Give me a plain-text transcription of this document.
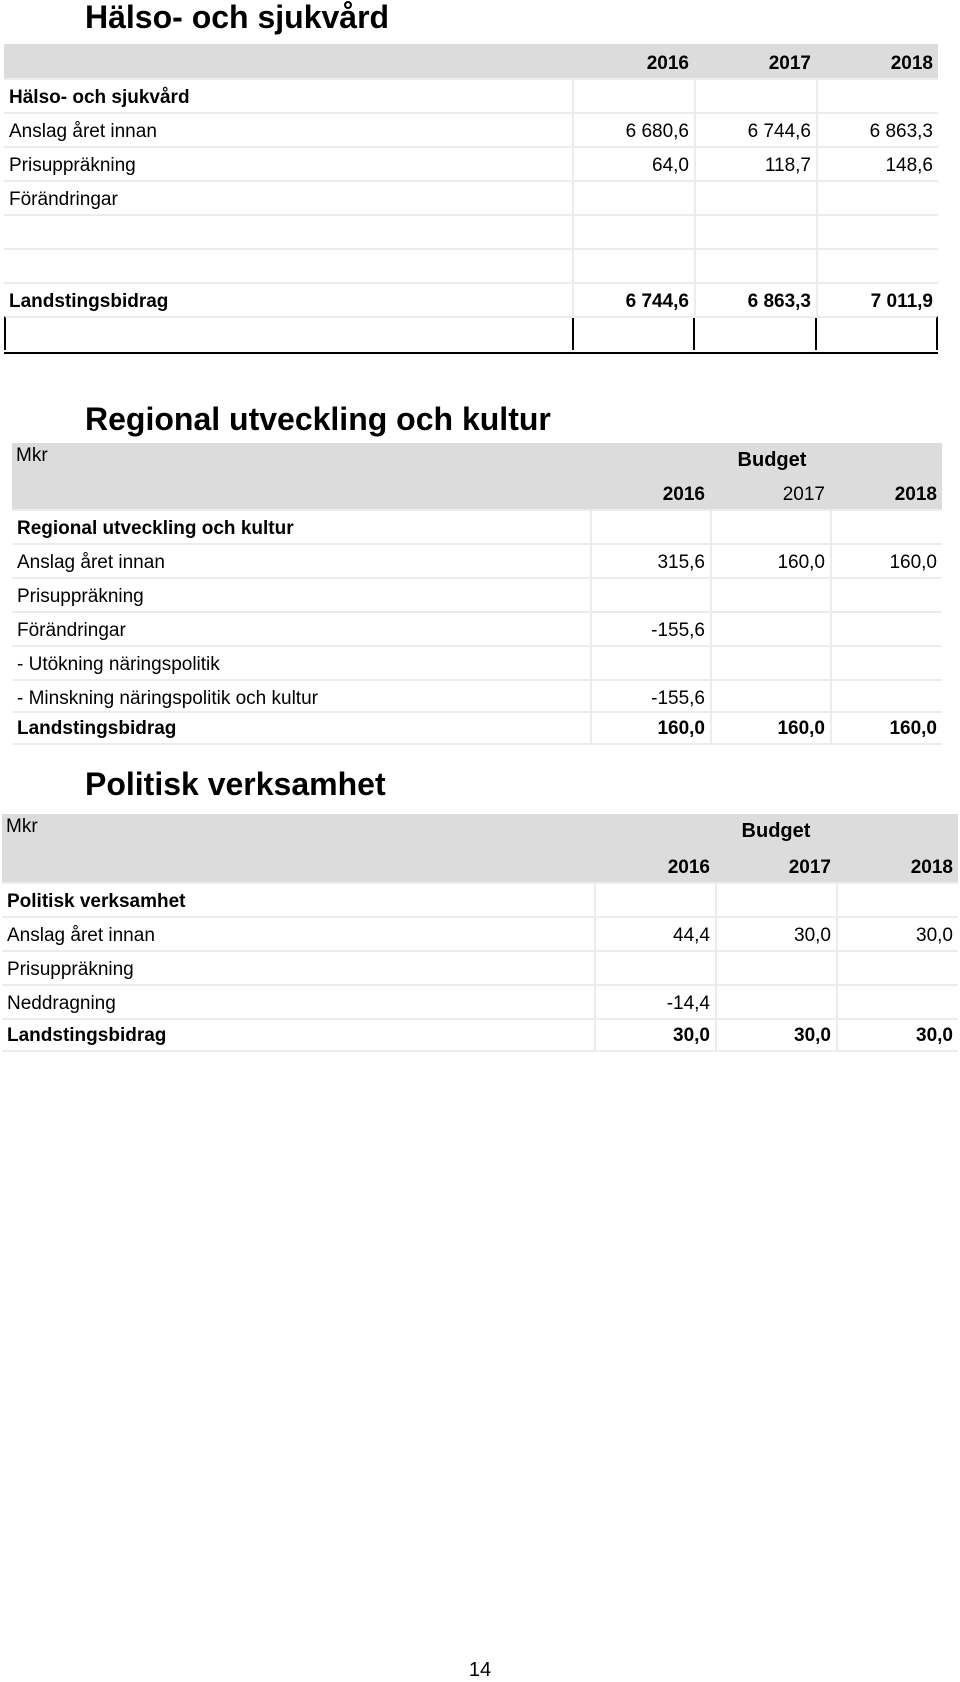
Hälso- och sjukvård
2016	2017	2018
Hälso- och sjukvård
Anslag året innan	6 680,6	6 744,6	6 863,3
Prisuppräkning	64,0	118,7	148,6
Förändringar
Landstingsbidrag	6 744,6	6 863,3	7 011,9
Regional utveckling och kultur
Mkr	Budget
2016	2017	2018
Regional utveckling och kultur
Anslag året innan	315,6	160,0	160,0
Prisuppräkning
Förändringar	-155,6
- Utökning näringspolitik
- Minskning näringspolitik och kultur	-155,6
Landstingsbidrag	160,0	160,0	160,0
Politisk verksamhet
Mkr	Budget
2016	2017	2018
Politisk verksamhet
Anslag året innan	44,4	30,0	30,0
Prisuppräkning
Neddragning	-14,4
Landstingsbidrag	30,0	30,0	30,0
14
